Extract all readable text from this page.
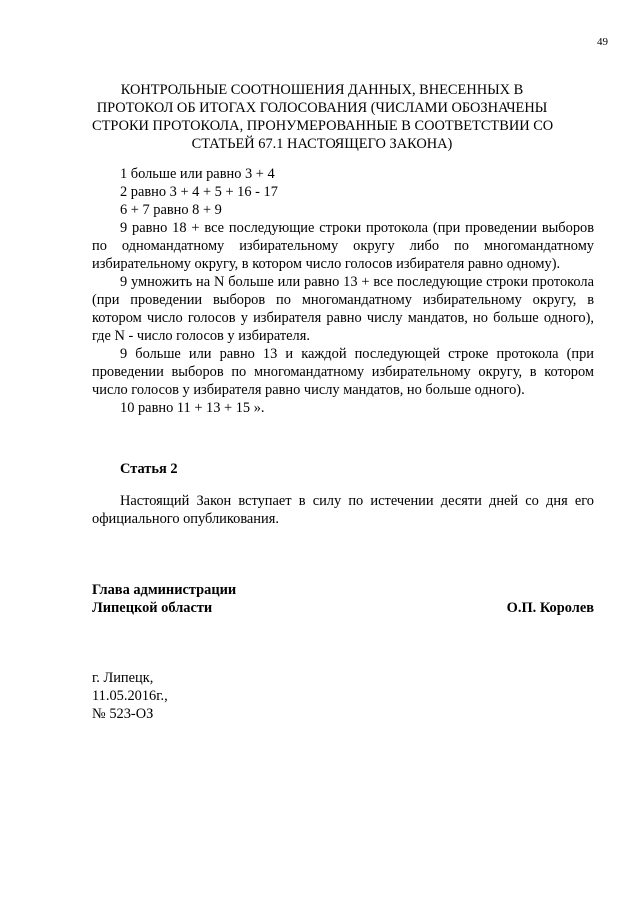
49
КОНТРОЛЬНЫЕ СООТНОШЕНИЯ ДАННЫХ, ВНЕСЕННЫХ В
ПРОТОКОЛ ОБ ИТОГАХ ГОЛОСОВАНИЯ (ЧИСЛАМИ ОБОЗНАЧЕНЫ
СТРОКИ ПРОТОКОЛА, ПРОНУМЕРОВАННЫЕ В СООТВЕТСТВИИ СО
СТАТЬЕЙ 67.1 НАСТОЯЩЕГО ЗАКОНА)

1 больше или равно 3 + 4

2 равно 3 + 4 + 5 + 16 - 17

6 + 7 равно 8 + 9

9 равно 18 + все последующие строки протокола (при проведении выборов по одномандатному избирательному округу либо по многомандатному избирательному округу, в котором число голосов избирателя равно одному).

9 умножить на N больше или равно 13 + все последующие строки протокола (при проведении выборов по многомандатному избирательному округу, в котором число голосов у избирателя равно числу мандатов, но больше одного), где N - число голосов у избирателя.

9 больше или равно 13 и каждой последующей строке протокола (при проведении выборов по многомандатному избирательному округу, в котором число голосов у избирателя равно числу мандатов, но больше одного).

10 равно 11 + 13 + 15 ».

Статья 2

Настоящий Закон вступает в силу по истечении десяти дней со дня его официального опубликования.

Глава администрации
Липецкой области	О.П. Королев
г. Липецк,
11.05.2016г.,
№ 523-ОЗ
